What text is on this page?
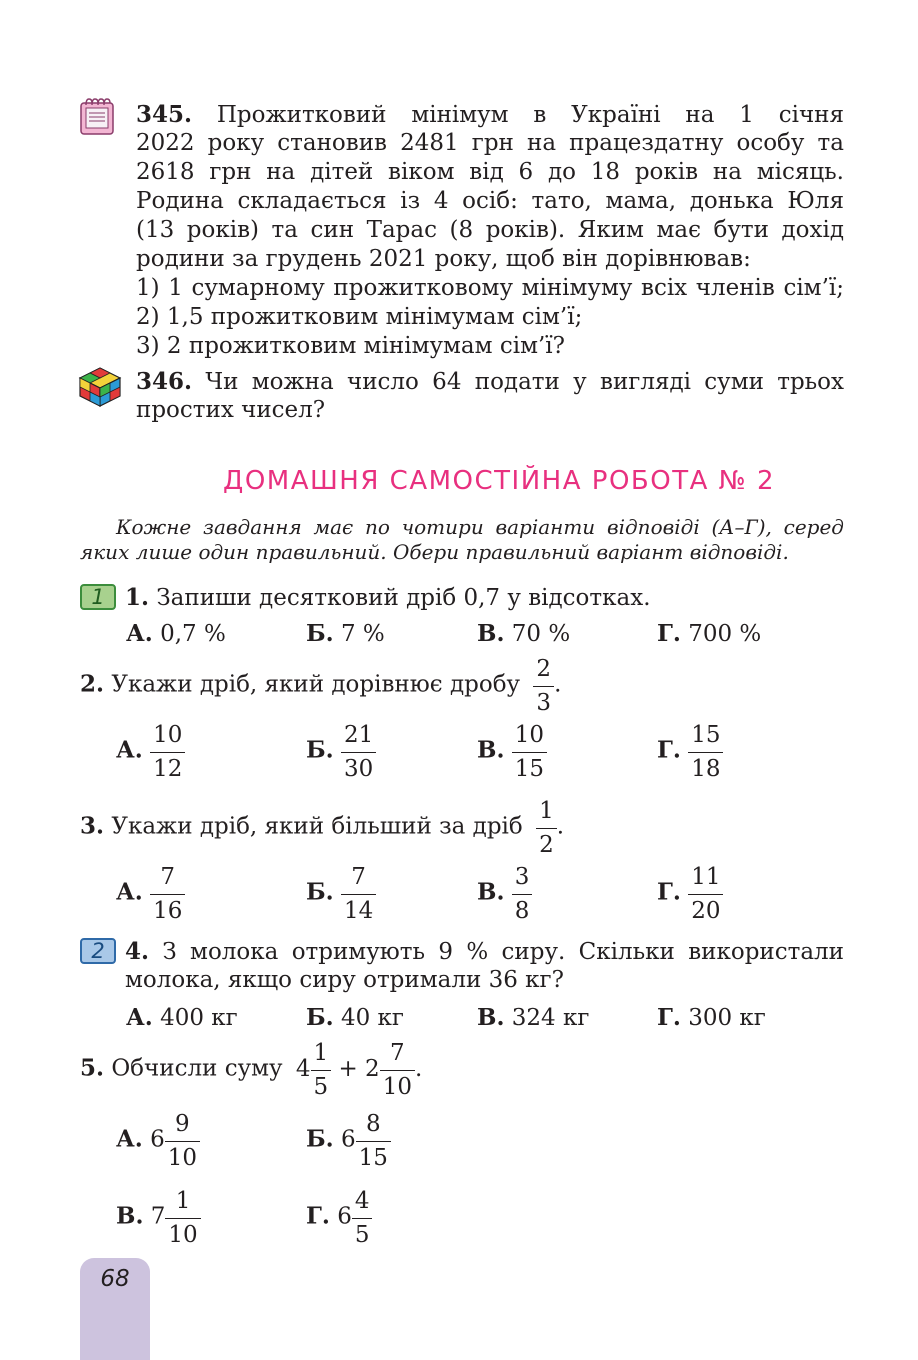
345. Прожитковий мінімум в Україні на 1 січня
2022 року становив 2481 грн на працездатну особу та
2618 грн на дітей віком від 6 до 18 років на місяць.
Родина складається із 4 осіб: тато, мама, донька Юля
(13 років) та син Тарас (8 років). Яким має бути дохід
родини за грудень 2021 року, щоб він дорівнював:
1) 1 сумарному прожитковому мінімуму всіх членів сім’ї;
2) 1,5 прожитковим мінімумам сім’ї;
3) 2 прожитковим мінімумам сім’ї?
346. Чи можна число 64 подати у вигляді суми трьох
простих чисел?
ДОМАШНЯ САМОСТІЙНА РОБОТА № 2
Кожне завдання має по чотири варіанти відповіді (А–Г), серед
яких лише один правильний. Обери правильний варіант відповіді.
1 1. Запиши десятковий дріб 0,7 у відсотках.
А. 0,7 %	Б. 7 %	В. 70 %	Г. 700 %
2. Укажи дріб, який дорівнює дробу $\frac{2}{3}$ .
А. $\frac{10}{12}$	Б. $\frac{21}{30}$	В. $\frac{10}{15}$	Г. $\frac{15}{18}$
3. Укажи дріб, який більший за дріб $\frac{1}{2}$ .
А. $\frac{7}{16}$	Б. $\frac{7}{14}$	В. $\frac{3}{8}$	Г. $\frac{11}{20}$
2 4. З молока отримують 9 % сиру. Скільки використали
молока, якщо сиру отримали 36 кг?
А. 400 кг	Б. 40 кг	В. 324 кг	Г. 300 кг
5. Обчисли суму $4 \frac{1}{5} + 2 \frac{7}{10}$ .
А. $6 \frac{9}{10}$	Б. $6 \frac{8}{15}$
В. $7 \frac{1}{10}$	Г. $6 \frac{4}{5}$
68
